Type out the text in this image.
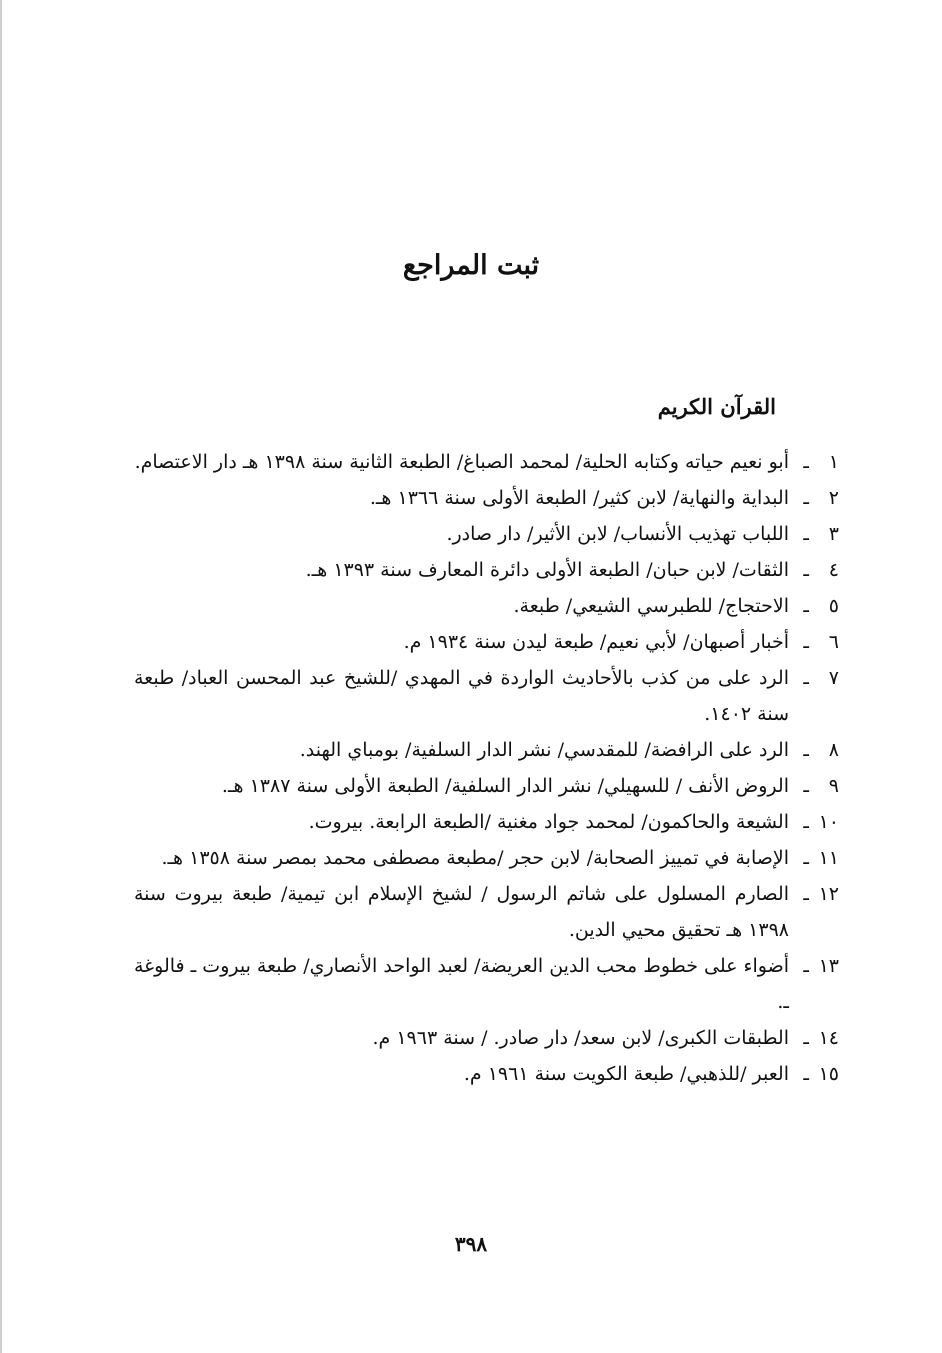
ثبت المراجع
القرآن الكريم
١
ـ
أبو نعيم حياته وكتابه الحلية/ لمحمد الصباغ/ الطبعة الثانية سنة ١٣٩٨ هـ دار الاعتصام.
٢
ـ
البداية والنهاية/ لابن كثير/ الطبعة الأولى سنة ١٣٦٦ هـ.
٣
ـ
اللباب تهذيب الأنساب/ لابن الأثير/ دار صادر.
٤
ـ
الثقات/ لابن حبان/ الطبعة الأولى دائرة المعارف سنة ١٣٩٣ هـ.
٥
ـ
الاحتجاج/ للطبرسي الشيعي/ طبعة.
٦
ـ
أخبار أصبهان/ لأبي نعيم/ طبعة ليدن سنة ١٩٣٤ م.
٧
ـ
الرد على من كذب بالأحاديث الواردة في المهدي /للشيخ عبد المحسن العباد/ طبعة سنة ١٤٠٢.
٨
ـ
الرد على الرافضة/ للمقدسي/ نشر الدار السلفية/ بومباي الهند.
٩
ـ
الروض الأنف / للسهيلي/ نشر الدار السلفية/ الطبعة الأولى سنة ١٣٨٧ هـ.
١٠
ـ
الشيعة والحاكمون/ لمحمد جواد مغنية /الطبعة الرابعة. بيروت.
١١
ـ
الإصابة في تمييز الصحابة/ لابن حجر /مطبعة مصطفى محمد بمصر سنة ١٣٥٨ هـ.
١٢
ـ
الصارم المسلول على شاتم الرسول / لشيخ الإسلام ابن تيمية/ طبعة بيروت سنة ١٣٩٨ هـ تحقيق محيي الدين.
١٣
ـ
أضواء على خطوط محب الدين العريضة/ لعبد الواحد الأنصاري/ طبعة بيروت ـ فالوغة ـ.
١٤
ـ
الطبقات الكبرى/ لابن سعد/ دار صادر. / سنة ١٩٦٣ م.
١٥
ـ
العبر /للذهبي/ طبعة الكويت سنة ١٩٦١ م.
٣٩٨
